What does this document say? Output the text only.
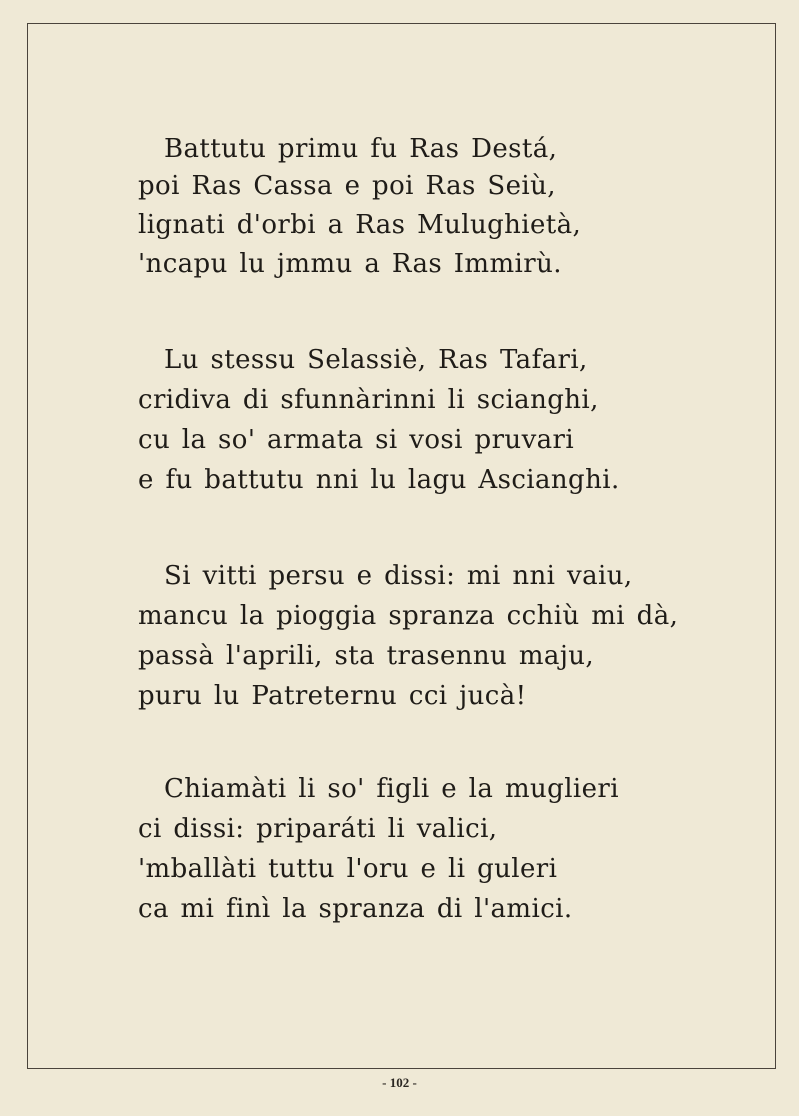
Battutu primu fu Ras Destá,
poi Ras Cassa e poi Ras Seiù,
lignati d'orbi a Ras Mulughietà,
'ncapu lu jmmu a Ras Immirù.
Lu stessu Selassiè, Ras Tafari,
cridiva di sfunnàrinni li scianghi,
cu la so' armata si vosi pruvari
e fu battutu nni lu lagu Ascianghi.
Si vitti persu e dissi: mi nni vaiu,
mancu la pioggia spranza cchiù mi dà,
passà l'aprili, sta trasennu maju,
puru lu Patreternu cci jucà!
Chiamàti li so' figli e la muglieri
ci dissi: priparáti li valici,
'mballàti tuttu l'oru e li guleri
ca mi finì la spranza di l'amici.
- 102 -
